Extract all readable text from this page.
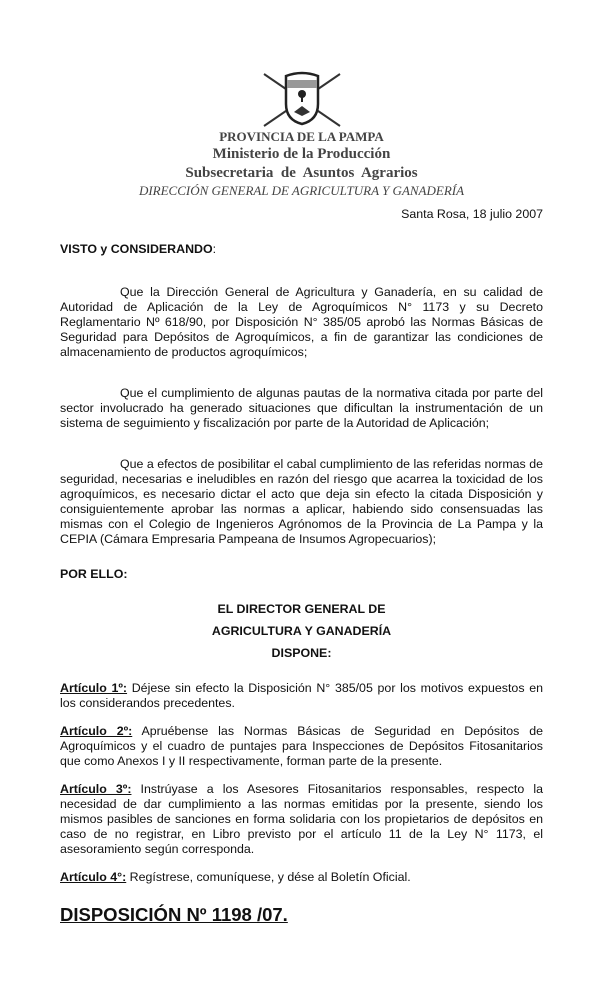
PROVINCIA DE LA PAMPA
Ministerio de la Producción
Subsecretaria  de  Asuntos  Agrarios
DIRECCIÓN GENERAL DE AGRICULTURA Y GANADERÍA
Santa Rosa, 18 julio 2007
VISTO y CONSIDERANDO:
Que la Dirección General de Agricultura y Ganadería, en su calidad de Autoridad de Aplicación de la Ley de Agroquímicos N° 1173 y su Decreto Reglamentario Nº 618/90, por Disposición N° 385/05 aprobó las Normas Básicas de Seguridad para Depósitos de Agroquímicos, a fin de garantizar las condiciones de almacenamiento de productos agroquímicos;
Que el cumplimiento de algunas pautas de la normativa citada por parte del sector involucrado ha generado situaciones que dificultan la instrumentación de un sistema de seguimiento y fiscalización por parte de la Autoridad de Aplicación;
Que a efectos de posibilitar el cabal cumplimiento de las referidas normas de seguridad, necesarias e ineludibles en razón del riesgo que acarrea la toxicidad de los agroquímicos, es necesario dictar el acto que deja sin efecto la citada Disposición y consiguientemente aprobar las normas a aplicar, habiendo sido consensuadas las mismas con el Colegio de Ingenieros Agrónomos de la Provincia de La Pampa y la CEPIA (Cámara Empresaria Pampeana de Insumos Agropecuarios);
POR ELLO:
EL DIRECTOR GENERAL DE
AGRICULTURA Y GANADERÍA
DISPONE:
Artículo 1º: Déjese sin efecto la Disposición N° 385/05 por los motivos expuestos en los considerandos precedentes.
Artículo 2º: Apruébense las Normas Básicas de Seguridad en Depósitos de Agroquímicos y el cuadro de puntajes para Inspecciones de Depósitos Fitosanitarios que como Anexos I y II respectivamente, forman parte de la presente.
Artículo 3º: Instrúyase a los Asesores Fitosanitarios responsables, respecto la necesidad de dar cumplimiento a las normas emitidas por la presente, siendo los mismos pasibles de sanciones en forma solidaria con los propietarios de depósitos en caso de no registrar, en Libro previsto por el artículo 11 de la Ley N° 1173, el asesoramiento según corresponda.
Artículo 4°: Regístrese, comuníquese, y dése al Boletín Oficial.
DISPOSICIÓN Nº 1198 /07.
